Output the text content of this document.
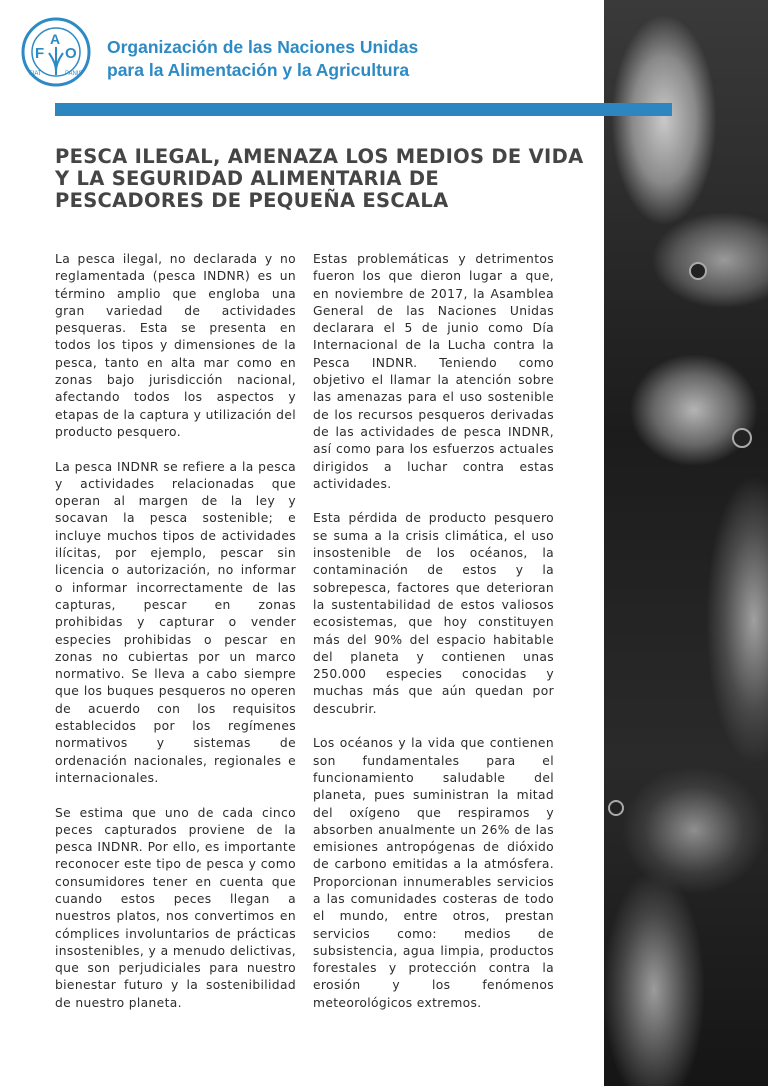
F
A
O
FIAT	PANIS
Organización de las Naciones Unidas
para la Alimentación y la Agricultura
PESCA ILEGAL, AMENAZA LOS MEDIOS DE VIDA Y LA SEGURIDAD ALIMENTARIA DE PESCADORES DE PEQUEÑA ESCALA

La pesca ilegal, no declarada y no reglamentada (pesca INDNR) es un término amplio que engloba una gran variedad de actividades pesqueras. Esta se presenta en todos los tipos y dimensiones de la pesca, tanto en alta mar como en zonas bajo jurisdicción nacional, afectando todos los aspectos y etapas de la captura y utilización del producto pesquero.

La pesca INDNR se refiere a la pesca y actividades relacionadas que operan al margen de la ley y socavan la pesca sostenible; e incluye muchos tipos de actividades ilícitas, por ejemplo, pescar sin licencia o autorización, no informar o informar incorrectamente de las capturas, pescar en zonas prohibidas y capturar o vender especies prohibidas o pescar en zonas no cubiertas por un marco normativo. Se lleva a cabo siempre que los buques pesqueros no operen de acuerdo con los requisitos establecidos por los regímenes normativos y sistemas de ordenación nacionales, regionales e internacionales.

Se estima que uno de cada cinco peces capturados proviene de la pesca INDNR. Por ello, es importante reconocer este tipo de pesca y como consumidores tener en cuenta que cuando estos peces llegan a nuestros platos, nos convertimos en cómplices involuntarios de prácticas insostenibles, y a menudo delictivas, que son perjudiciales para nuestro bienestar futuro y la sostenibilidad de nuestro planeta.

Estas problemáticas y detrimentos fueron los que dieron lugar a que, en noviembre de 2017, la Asamblea General de las Naciones Unidas declarara el 5 de junio como Día Internacional de la Lucha contra la Pesca INDNR. Teniendo como objetivo el llamar la atención sobre las amenazas para el uso sostenible de los recursos pesqueros derivadas de las actividades de pesca INDNR, así como para los esfuerzos actuales dirigidos a luchar contra estas actividades.

Esta pérdida de producto pesquero se suma a la crisis climática, el uso insostenible de los océanos, la contaminación de estos y la sobrepesca, factores que deterioran la sustentabilidad de estos valiosos ecosistemas, que hoy constituyen más del 90% del espacio habitable del planeta y contienen unas 250.000 especies conocidas y muchas más que aún quedan por descubrir.

Los océanos y la vida que contienen son fundamentales para el funcionamiento saludable del planeta, pues suministran la mitad del oxígeno que respiramos y absorben anualmente un 26% de las emisiones antropógenas de dióxido de carbono emitidas a la atmósfera. Proporcionan innumerables servicios a las comunidades costeras de todo el mundo, entre otros, prestan servicios como: medios de subsistencia, agua limpia, productos forestales y protección contra la erosión y los fenómenos meteorológicos extremos.
